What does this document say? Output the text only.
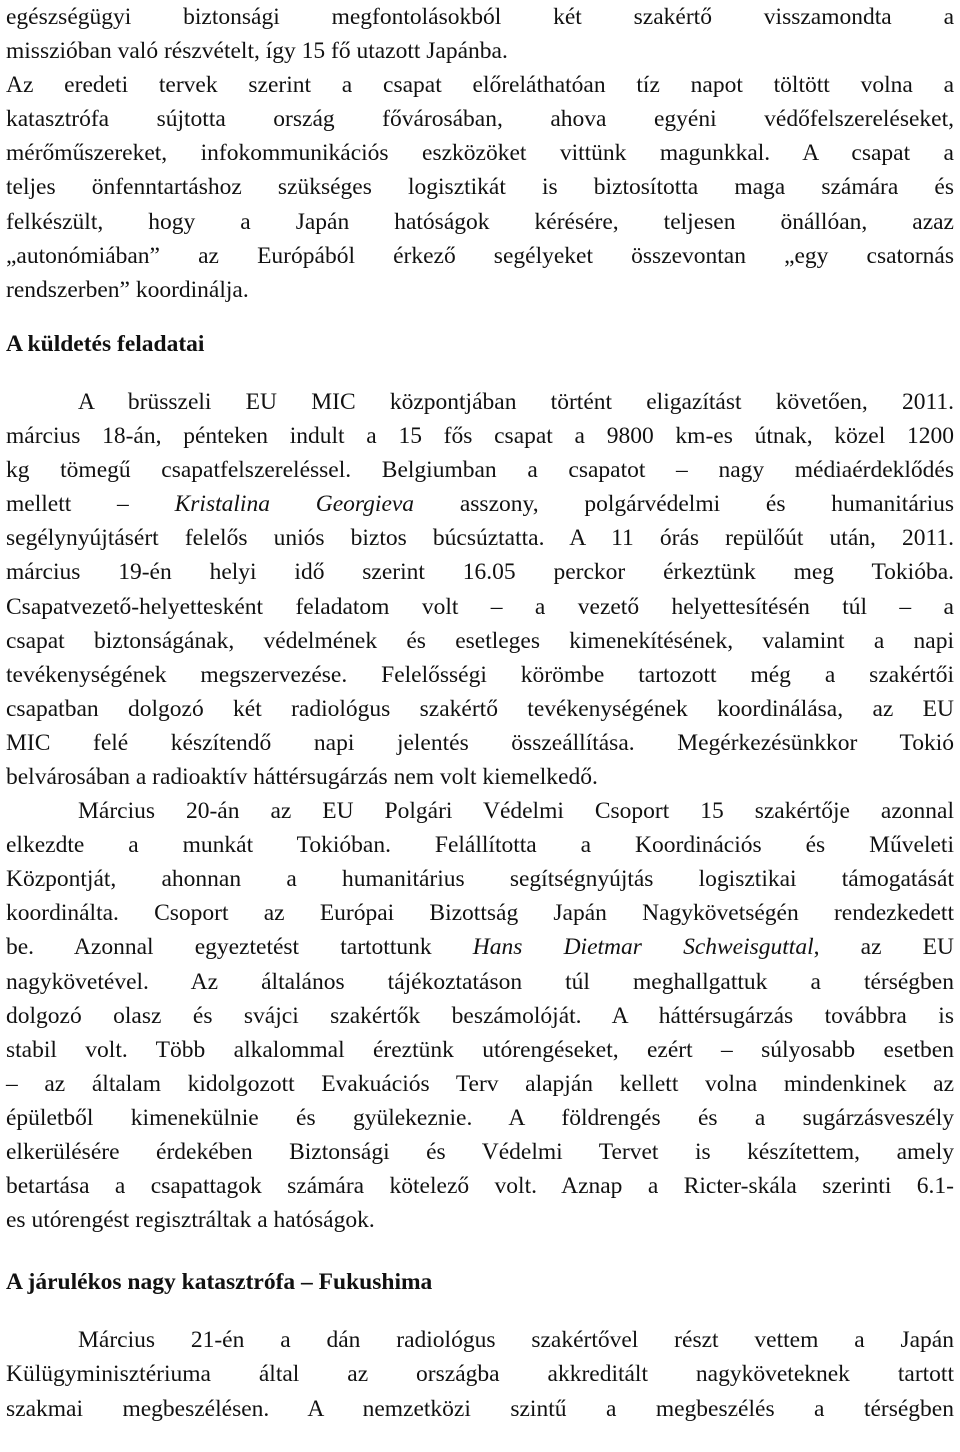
egészségügyi biztonsági megfontolásokból két szakértő visszamondta a
misszióban való részvételt, így 15 fő utazott Japánba.
Az eredeti tervek szerint a csapat előreláthatóan tíz napot töltött volna a
katasztrófa sújtotta ország fővárosában, ahova egyéni védőfelszereléseket,
mérőműszereket, infokommunikációs eszközöket vittünk magunkkal. A csapat a
teljes önfenntartáshoz szükséges logisztikát is biztosította maga számára és
felkészült, hogy a Japán hatóságok kérésére, teljesen önállóan, azaz
„autonómiában” az Európából érkező segélyeket összevontan „egy csatornás
rendszerben” koordinálja.
A küldetés feladatai
A brüsszeli EU MIC központjában történt eligazítást követően, 2011.
március 18-án, pénteken indult a 15 fős csapat a 9800 km-es útnak, közel 1200
kg tömegű csapatfelszereléssel. Belgiumban a csapatot – nagy médiaérdeklődés
mellett – Kristalina Georgieva asszony, polgárvédelmi és humanitárius
segélynyújtásért felelős uniós biztos búcsúztatta. A 11 órás repülőút után, 2011.
március 19-én helyi idő szerint 16.05 perckor érkeztünk meg Tokióba.
Csapatvezető-helyettesként feladatom volt – a vezető helyettesítésén túl – a
csapat biztonságának, védelmének és esetleges kimenekítésének, valamint a napi
tevékenységének megszervezése. Felelősségi körömbe tartozott még a szakértői
csapatban dolgozó két radiológus szakértő tevékenységének koordinálása, az EU
MIC felé készítendő napi jelentés összeállítása. Megérkezésünkkor Tokió
belvárosában a radioaktív háttérsugárzás nem volt kiemelkedő.
Március 20-án az EU Polgári Védelmi Csoport 15 szakértője azonnal
elkezdte a munkát Tokióban. Felállította a Koordinációs és Műveleti
Központját, ahonnan a humanitárius segítségnyújtás logisztikai támogatását
koordinálta. Csoport az Európai Bizottság Japán Nagykövetségén rendezkedett
be. Azonnal egyeztetést tartottunk Hans Dietmar Schweisguttal, az EU
nagykövetével. Az általános tájékoztatáson túl meghallgattuk a térségben
dolgozó olasz és svájci szakértők beszámolóját. A háttérsugárzás továbbra is
stabil volt. Több alkalommal éreztünk utórengéseket, ezért – súlyosabb esetben
– az általam kidolgozott Evakuációs Terv alapján kellett volna mindenkinek az
épületből kimenekülnie és gyülekeznie. A földrengés és a sugárzásveszély
elkerülésére érdekében Biztonsági és Védelmi Tervet is készítettem, amely
betartása a csapattagok számára kötelező volt. Aznap a Ricter-skála szerinti 6.1-
es utórengést regisztráltak a hatóságok.
A járulékos nagy katasztrófa – Fukushima
Március 21-én a dán radiológus szakértővel részt vettem a Japán
Külügyminisztériuma által az országba akkreditált nagyköveteknek tartott
szakmai megbeszélésen. A nemzetközi szintű a megbeszélés a térségben
